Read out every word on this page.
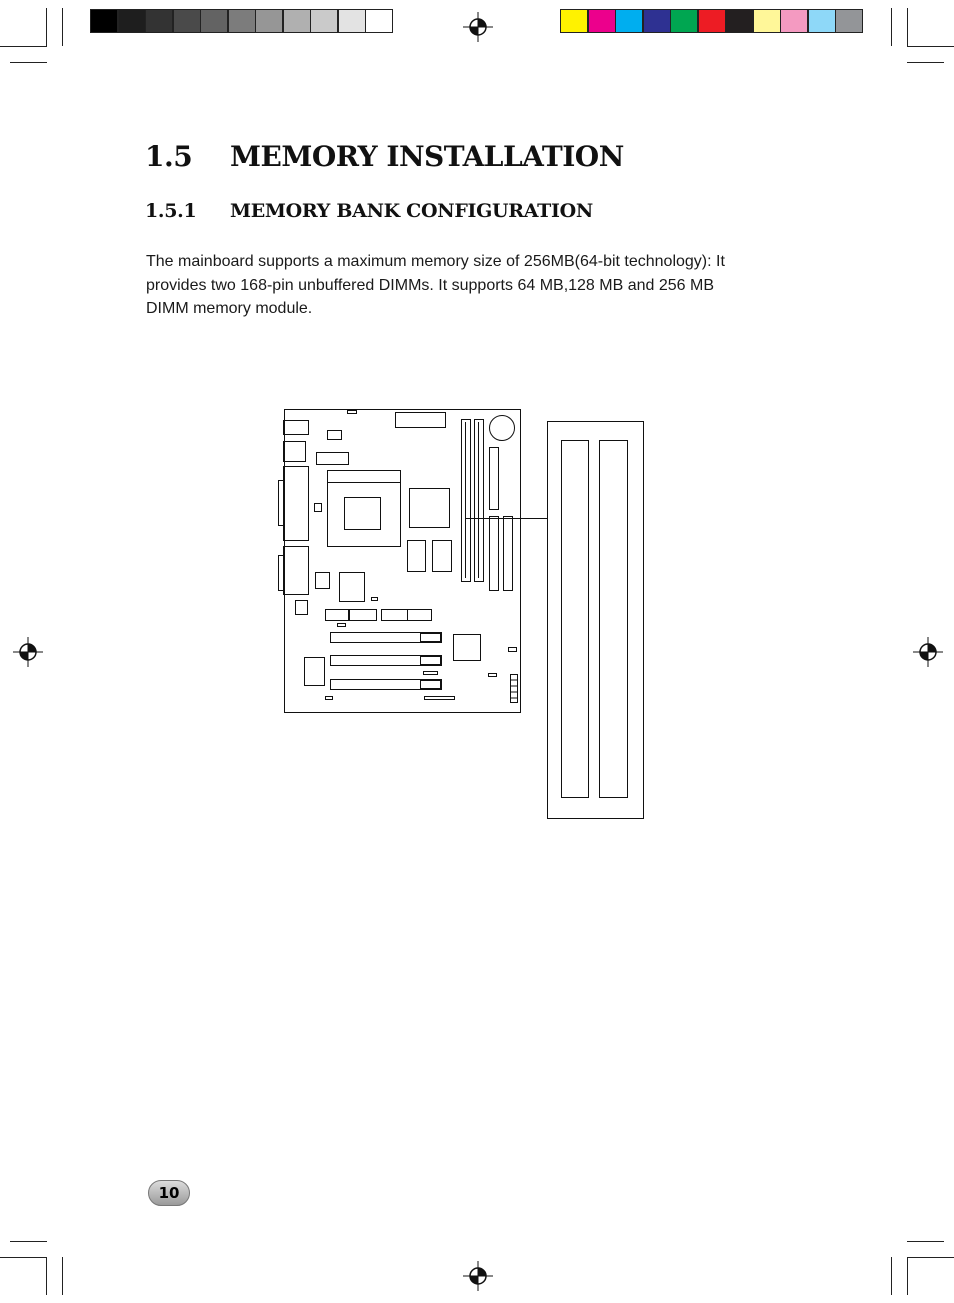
1.5 MEMORY INSTALLATION
1.5.1 MEMORY BANK CONFIGURATION
The mainboard supports a maximum memory size of 256MB(64-bit technology): It
provides two 168-pin unbuffered DIMMs. It supports 64 MB,128 MB and 256 MB
DIMM memory module.
10
